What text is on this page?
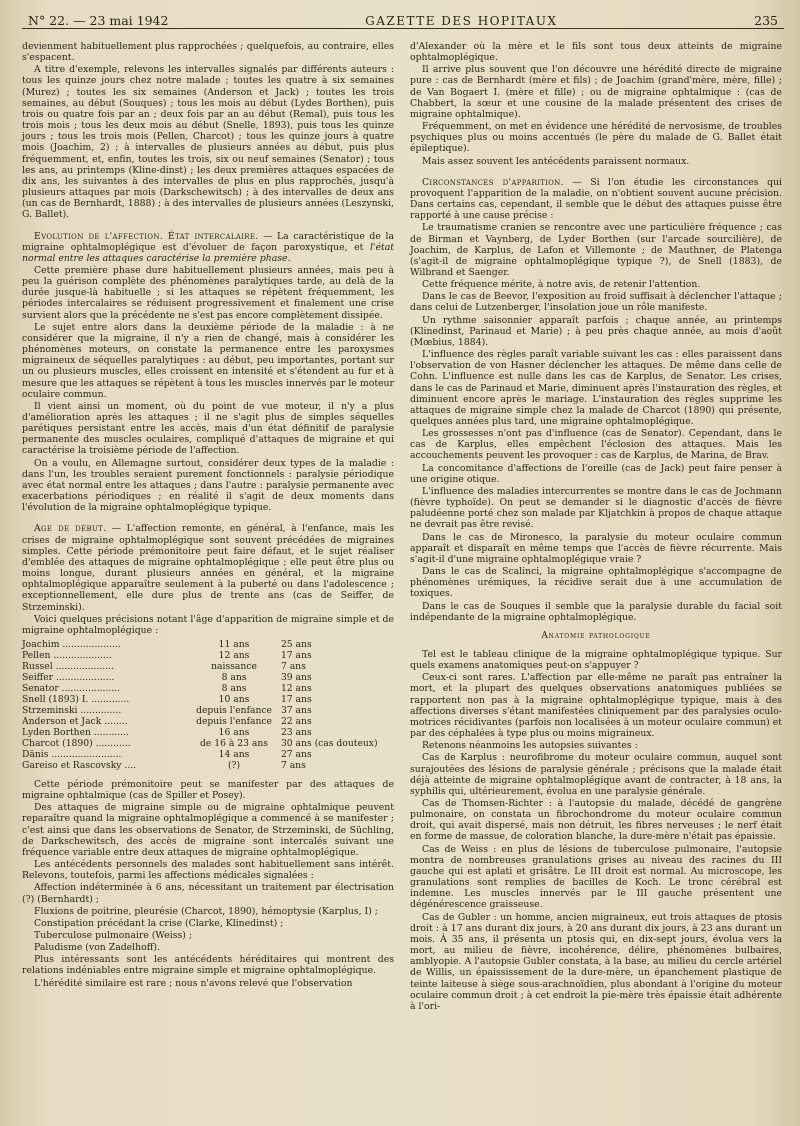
N° 22. — 23 mai 1942	GAZETTE DES HOPITAUX	235

devienment habituellement plus rapprochées ; quelquefois, au contraire, elles s'espacent.

A titre d'exemple, relevons les intervalles signalés par différents auteurs : tous les quinze jours chez notre malade ; toutes les quatre à six semaines (Murez) ; toutes les six semaines (Anderson et Jack) ; toutes les trois semaines, au début (Souques) ; tous les mois au début (Lydes Borthen), puis trois ou quatre fois par an ; deux fois par an au début (Remal), puis tous les trois mois ; tous les deux mois au début (Snelle, 1893), puis tous les quinze jours ; tous les trois mois (Pellen, Charcot) ; tous les quinze jours à quatre mois (Joachim, 2) ; à intervalles de plusieurs années au début, puis plus fréquemment, et, enfin, toutes les trois, six ou neuf semaines (Senator) ; tous les ans, au printemps (Kline-dinst) ; les deux premières attaques espacées de dix ans, les suivantes à des intervalles de plus en plus rapprochés, jusqu'à plusieurs attaques par mois (Darkschewitsch) ; à des intervalles de deux ans (un cas de Bernhardt, 1888) ; à des intervalles de plusieurs années (Leszynski, G. Ballet).

Evolution de l'affection. État intercalaire. — La caractéristique de la migraine ophtalmoplégique est d'évoluer de façon paroxystique, et l'état normal entre les attaques caractérise la première phase.

Cette première phase dure habituellement plusieurs années, mais peu à peu la guérison complète des phénomènes paralytiques tarde, au delà de la durée jusque-là habituelle ; si les attaques se répètent fréquemment, les périodes intercalaires se réduisent progressivement et finalement une crise survient alors que la précédente ne s'est pas encore complètement dissipée.

Le sujet entre alors dans la deuxième période de la maladie : à ne considérer que la migraine, il n'y a rien de changé, mais à considérer les phénomènes moteurs, on constate la permanence entre les paroxysmes migraineux de séquelles paralytiques : au début, peu importantes, portant sur un ou plusieurs muscles, elles croissent en intensité et s'étendent au fur et à mesure que les attaques se répètent à tous les muscles innervés par le moteur oculaire commun.

Il vient ainsi un moment, où du point de vue moteur, il n'y a plus d'amélioration après les attaques ; il ne s'agit plus de simples séquelles parétiques persistant entre les accès, mais d'un état définitif de paralysie permanente des muscles oculaires, compliqué d'attaques de migraine et qui caractérise la troisième période de l'affection.

On a voulu, en Allemagne surtout, considérer deux types de la maladie : dans l'un, les troubles seraient purement fonctionnels : paralysie périodique avec état normal entre les attaques ; dans l'autre : paralysie permanente avec exacerbations périodiques ; en réalité il s'agit de deux moments dans l'évolution de la migraine ophtalmoplégique typique.

Age de début. — L'affection remonte, en général, à l'enfance, mais les crises de migraine ophtalmoplégique sont souvent précédées de migraines simples. Cette période prémonitoire peut faire défaut, et le sujet réaliser d'emblée des attaques de migraine ophtalmoplégique ; elle peut être plus ou moins longue, durant plusieurs années en général, et la migraine ophtalmoplégique apparaître seulement à la puberté ou dans l'adolescence ; exceptionnellement, elle dure plus de trente ans (cas de Seiffer, de Strzeminski).

Voici quelques précisions notant l'âge d'apparition de migraine simple et de migraine ophtalmoplégique :

Joachim ....................	11 ans	25 ans
Pellen ....................	12 ans	17 ans
Russel ....................	naissance	7 ans
Seiffer ....................	8 ans	39 ans
Senator ....................	8 ans	12 ans
Snell (1893) I. .............	10 ans	17 ans
Strzeminski ..............	depuis l'enfance	37 ans
Anderson et Jack ........	depuis l'enfance	22 ans
Lyden Borthen ............	16 ans	23 ans
Charcot (1890) ............	de 16 à 23 ans	30 ans (cas douteux)
Dänis ........................	14 ans	27 ans
Gareiso et Rascovsky ....	(?)	7 ans

Cette période prémonitoire peut se manifester par des attaques de migraine ophtalmique (cas de Spiller et Posey).

Des attaques de migraine simple ou de migraine ophtalmique peuvent reparaître quand la migraine ophtalmoplégique a commencé à se manifester ; c'est ainsi que dans les observations de Senator, de Strzeminski, de Süchling, de Darkschewitsch, des accès de migraine sont intercalés suivant une fréquence variable entre deux attaques de migraine ophtalmoplégique.

Les antécédents personnels des malades sont habituellement sans intérêt. Relevons, toutefois, parmi les affections médicales signalées :

Affection indéterminée à 6 ans, nécessitant un traitement par électrisation (?) (Bernhardt) ;

Fluxions de poitrine, pleurésie (Charcot, 1890), hémoptysie (Karplus, I) ;

Constipation précédant la crise (Clarke, Klinedinst) ;

Tuberculose pulmonaire (Weiss) ;

Paludisme (von Zadelhoff).

Plus intéressants sont les antécédents héréditaires qui montrent des relations indéniables entre migraine simple et migraine ophtalmoplégique.

L'hérédité similaire est rare ; nous n'avons relevé que l'observation

d'Alexander où la mère et le fils sont tous deux atteints de migraine ophtalmoplégique.

Il arrive plus souvent que l'on découvre une hérédité directe de migraine pure : cas de Bernhardt (mère et fils) ; de Joachim (grand'mère, mère, fille) ; de Van Bogaert I. (mère et fille) ; ou de migraine ophtalmique : (cas de Chabbert, la sœur et une cousine de la malade présentent des crises de migraine ophtalmique).

Fréquemment, on met en évidence une hérédité de nervosisme, de troubles psychiques plus ou moins accentués (le père du malade de G. Ballet était épileptique).

Mais assez souvent les antécédents paraissent normaux.

Circonstances d'apparition. — Si l'on étudie les circonstances qui provoquent l'apparition de la maladie, on n'obtient souvent aucune précision. Dans certains cas, cependant, il semble que le début des attaques puisse être rapporté à une cause précise :

Le traumatisme cranien se rencontre avec une particulière fréquence ; cas de Birman et Vaynberg, de Lyder Borthen (sur l'arcade sourcilière), de Joachim, de Karplus, de Lafon et Villemonte ; de Mauthner, de Platenga (s'agit-il de migraine ophtalmoplégique typique ?), de Snell (1883), de Wilbrand et Saenger.

Cette fréquence mérite, à notre avis, de retenir l'attention.

Dans le cas de Beevor, l'exposition au froid suffisait à déclencher l'attaque ; dans celui de Lutzenberger, l'insolation joue un rôle manifeste.

Un rythme saisonnier apparaît parfois ; chaque année, au printemps (Klinedinst, Parinaud et Marie) ; à peu près chaque année, au mois d'août (Mœbius, 1884).

L'influence des règles paraît variable suivant les cas : elles paraissent dans l'observation de von Hasner déclencher les attaques. De même dans celle de Cohn. L'influence est nulle dans les cas de Karplus, de Senator. Les crises, dans le cas de Parinaud et Marie, diminuent après l'instauration des règles, et diminuent encore après le mariage. L'instauration des règles supprime les attaques de migraine simple chez la malade de Charcot (1890) qui présente, quelques années plus tard, une migraine ophtalmoplégique.

Les grossesses n'ont pas d'influence (cas de Senator). Cependant, dans le cas de Karplus, elles empêchent l'éclosion des attaques. Mais les accouchements peuvent les provoquer : cas de Karplus, de Marina, de Brav.

La concomitance d'affections de l'oreille (cas de Jack) peut faire penser à une origine otique.

L'influence des maladies intercurrentes se montre dans le cas de Jochmann (fièvre typhoïde). On peut se demander si le diagnostic d'accès de fièvre paludéenne porté chez son malade par Kljatchkin à propos de chaque attaque ne devrait pas être revisé.

Dans le cas de Mironesco, la paralysie du moteur oculaire commun apparaît et disparaît en même temps que l'accès de fièvre récurrente. Mais s'agit-il d'une migraine ophtalmoplégique vraie ?

Dans le cas de Scalinci, la migraine ophtalmoplégique s'accompagne de phénomènes urémiques, la récidive serait due à une accumulation de toxiques.

Dans le cas de Souques il semble que la paralysie durable du facial soit indépendante de la migraine ophtalmoplégique.

Anatomie pathologique

Tel est le tableau clinique de la migraine ophtalmoplégique typique. Sur quels examens anatomiques peut-on s'appuyer ?

Ceux-ci sont rares. L'affection par elle-même ne paraît pas entraîner la mort, et la plupart des quelques observations anatomiques publiées se rapportent non pas à la migraine ophtalmoplégique typique, mais à des affections diverses s'étant manifestées cliniquement par des paralysies oculo-motrices récidivantes (parfois non localisées à un moteur oculaire commun) et par des céphalées à type plus ou moins migraineux.

Retenons néanmoins les autopsies suivantes :

Cas de Karplus : neurofibrome du moteur oculaire commun, auquel sont surajoutées des lésions de paralysie générale ; précisons que la malade était déjà atteinte de migraine ophtalmoplégique avant de contracter, à 18 ans, la syphilis qui, ultérieurement, évolua en une paralysie générale.

Cas de Thomsen-Richter : à l'autopsie du malade, décédé de gangrène pulmonaire, on constata un fibrochondrome du moteur oculaire commun droit, qui avait dispersé, mais non détruit, les fibres nerveuses ; le nerf était en forme de massue, de coloration blanche, la dure-mère n'était pas épaissie.

Cas de Weiss : en plus de lésions de tuberculose pulmonaire, l'autopsie montra de nombreuses granulations grises au niveau des racines du III gauche qui est aplati et grisâtre. Le III droit est normal. Au microscope, les granulations sont remplies de bacilles de Koch. Le tronc cérébral est indemne. Les muscles innervés par le III gauche présentent une dégénérescence graisseuse.

Cas de Gubler : un homme, ancien migraineux, eut trois attaques de ptosis droit : à 17 ans durant dix jours, à 20 ans durant dix jours, à 23 ans durant un mois. À 35 ans, il présenta un ptosis qui, en dix-sept jours, évolua vers la mort, au milieu de fièvre, incohérence, délire, phénomènes bulbaires, amblyopie. A l'autopsie Gubler constata, à la base, au milieu du cercle artériel de Willis, un épaississement de la dure-mère, un épanchement plastique de teinte laiteuse à siège sous-arachnoïdien, plus abondant à l'origine du moteur oculaire commun droit ; à cet endroit la pie-mère très épaissie était adhérente à l'ori-
